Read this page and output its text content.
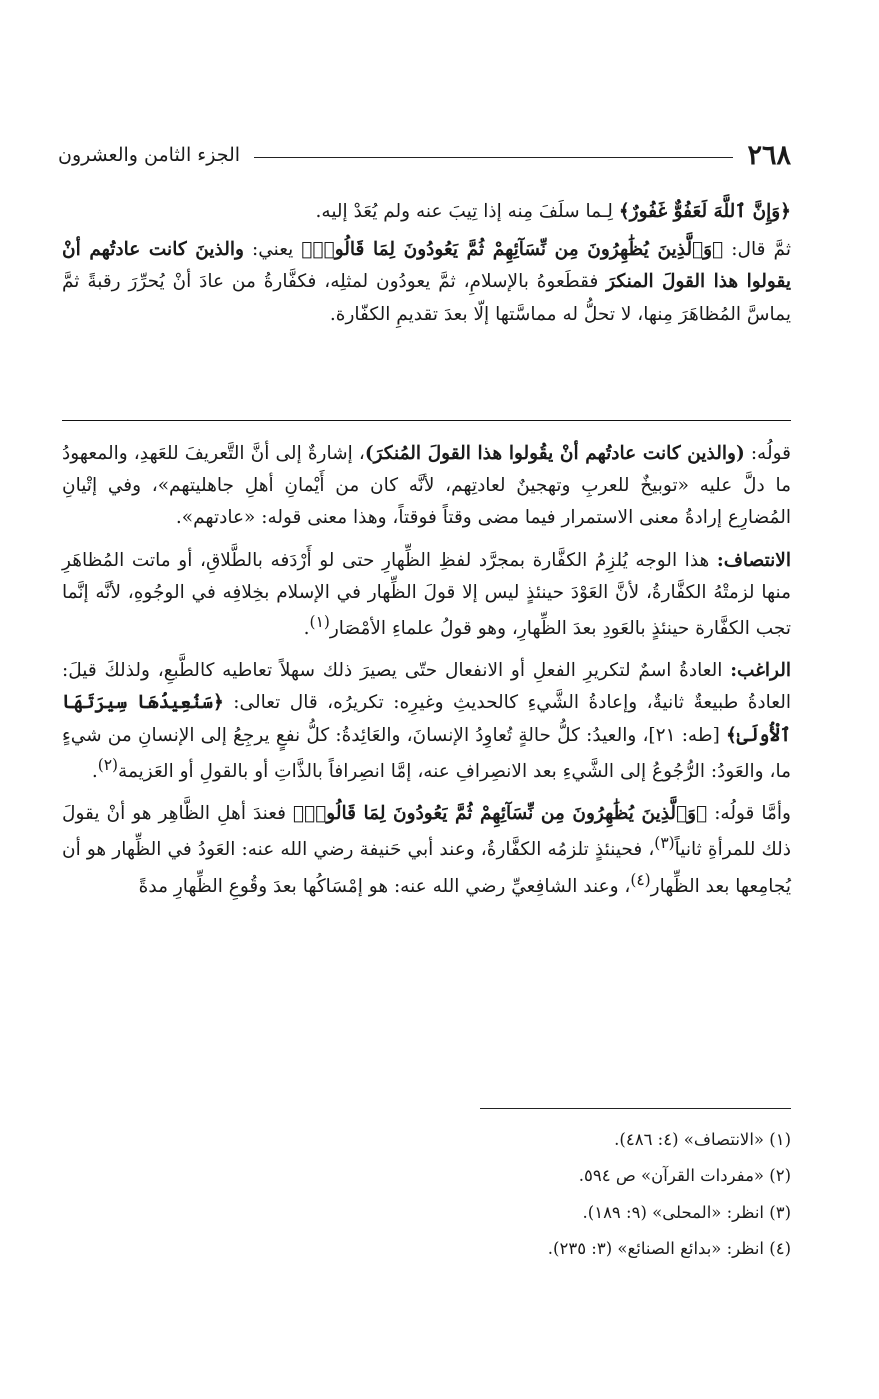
٢٦٨
الجزء الثامن والعشرون

﴿وَإِنَّ ٱللَّهَ لَعَفُوٌّ غَفُورٌ﴾ لِـما سلَفَ مِنه إذا تِيبَ عنه ولم يُعَدْ إليه.

ثمَّ قال: ﴿وَٱلَّذِينَ يُظَٰهِرُونَ مِن نِّسَآئِهِمْ ثُمَّ يَعُودُونَ لِمَا قَالُوا۟﴾ يعني: والذينَ كانت عادتُهم أنْ يقولوا هذا القولَ المنكرَ فقطَعوهُ بالإسلامِ، ثمَّ يعودُون لمثلِه، فكفَّارةُ من عادَ أنْ يُحرِّرَ رقبةً ثمَّ يماسَّ المُظاهَرَ مِنها، لا تحلُّ له مماسَّتها إلّا بعدَ تقديمِ الكفّارة.

قولُه: (والذين كانت عادتُهم أنْ يقُولوا هذا القولَ المُنكرَ)، إشارةٌ إلى أنَّ التَّعريفَ للعَهدِ، والمعهودُ ما دلَّ عليه «توبيخٌ للعربِ وتهجينٌ لعادتِهم، لأنَّه كان من أَيْمانِ أهلِ جاهليتهم»، وفي إتْيانِ المُضارِع إرادةُ معنى الاستمرار فيما مضى وقتاً فوقتاً، وهذا معنى قوله: «عادتهم».

الانتصاف: هذا الوجه يُلزِمُ الكفَّارة بمجرَّد لفظِ الظِّهارِ حتى لو أَرْدَفه بالطَّلاقِ، أو ماتت المُظاهَرِ منها لزمتْهُ الكفَّارةُ، لأنَّ العَوْدَ حينئذٍ ليس إلا قولَ الظِّهار في الإسلام بخِلافِه في الوجُوهِ، لأنَّه إنَّما تجب الكفَّارة حينئذٍ بالعَودِ بعدَ الظِّهارِ، وهو قولُ علماءِ الأمْصَار$^{(١)}$.

الراغب: العادةُ اسمٌ لتكريرِ الفعلِ أو الانفعال حتّى يصيرَ ذلك سهلاً تعاطيه كالطَّبعِ، ولذلكَ قيلَ: العادةُ طبيعةٌ ثانيةٌ، وإعادةُ الشَّيءِ كالحديثِ وغيرِه: تكريرُه، قال تعالى: ﴿سَنُعِيدُهَا سِيرَتَهَا ٱلْأُولَىٰ﴾ [طه: ٢١]، والعيدُ: كلُّ حالةٍ تُعاوِدُ الإنسانَ، والعَائِدةُ: كلُّ نفعٍ يرجِعُ إلى الإنسانِ من شيءٍ ما، والعَودُ: الرُّجُوعُ إلى الشَّيءِ بعد الانصِرافِ عنه، إمَّا انصِرافاً بالذَّاتِ أو بالقولِ أو العَزيمة$^{(٢)}$.

وأمَّا قولُه: ﴿وَٱلَّذِينَ يُظَٰهِرُونَ مِن نِّسَآئِهِمْ ثُمَّ يَعُودُونَ لِمَا قَالُوا۟﴾ فعندَ أهلِ الظَّاهِر هو أنْ يقولَ ذلك للمرأةِ ثانياً$^{(٣)}$، فحينئذٍ تلزمُه الكفَّارةُ، وعند أبي حَنيفة رضي الله عنه: العَودُ في الظِّهار هو أن يُجامِعها بعد الظِّهار$^{(٤)}$، وعند الشافِعيِّ رضي الله عنه: هو إمْسَاكُها بعدَ وقُوعِ الظِّهارِ مدةً

(١) «الانتصاف» (٤: ٤٨٦).
(٢) «مفردات القرآن» ص ٥٩٤.
(٣) انظر: «المحلى» (٩: ١٨٩).
(٤) انظر: «بدائع الصنائع» (٣: ٢٣٥).
